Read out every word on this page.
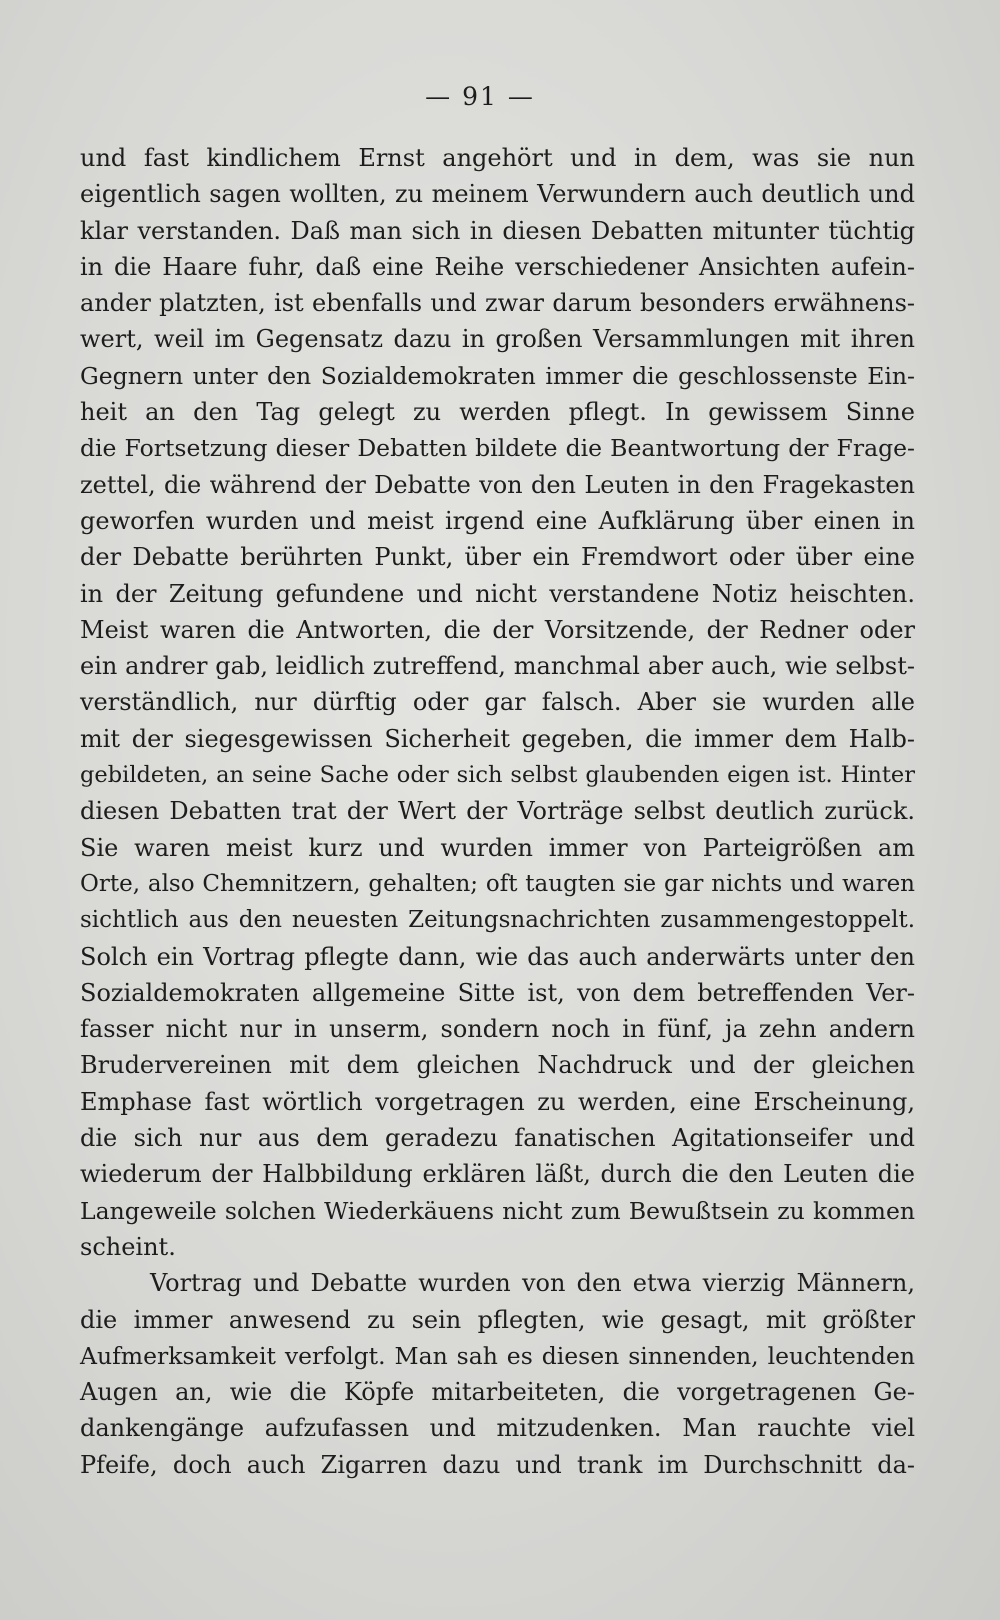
— 91 —
und fast kindlichem Ernst angehört und in dem, was sie nun
eigentlich sagen wollten, zu meinem Verwundern auch deutlich und
klar verstanden. Daß man sich in diesen Debatten mitunter tüchtig
in die Haare fuhr, daß eine Reihe verschiedener Ansichten aufein-
ander platzten, ist ebenfalls und zwar darum besonders erwähnens-
wert, weil im Gegensatz dazu in großen Versammlungen mit ihren
Gegnern unter den Sozialdemokraten immer die geschlossenste Ein-
heit an den Tag gelegt zu werden pflegt. In gewissem Sinne
die Fortsetzung dieser Debatten bildete die Beantwortung der Frage-
zettel, die während der Debatte von den Leuten in den Fragekasten
geworfen wurden und meist irgend eine Aufklärung über einen in
der Debatte berührten Punkt, über ein Fremdwort oder über eine
in der Zeitung gefundene und nicht verstandene Notiz heischten.
Meist waren die Antworten, die der Vorsitzende, der Redner oder
ein andrer gab, leidlich zutreffend, manchmal aber auch, wie selbst-
verständlich, nur dürftig oder gar falsch. Aber sie wurden alle
mit der siegesgewissen Sicherheit gegeben, die immer dem Halb-
gebildeten, an seine Sache oder sich selbst glaubenden eigen ist. Hinter
diesen Debatten trat der Wert der Vorträge selbst deutlich zurück.
Sie waren meist kurz und wurden immer von Parteigrößen am
Orte, also Chemnitzern, gehalten; oft taugten sie gar nichts und waren
sichtlich aus den neuesten Zeitungsnachrichten zusammengestoppelt.
Solch ein Vortrag pflegte dann, wie das auch anderwärts unter den
Sozialdemokraten allgemeine Sitte ist, von dem betreffenden Ver-
fasser nicht nur in unserm, sondern noch in fünf, ja zehn andern
Brudervereinen mit dem gleichen Nachdruck und der gleichen
Emphase fast wörtlich vorgetragen zu werden, eine Erscheinung,
die sich nur aus dem geradezu fanatischen Agitationseifer und
wiederum der Halbbildung erklären läßt, durch die den Leuten die
Langeweile solchen Wiederkäuens nicht zum Bewußtsein zu kommen
scheint.
Vortrag und Debatte wurden von den etwa vierzig Männern,
die immer anwesend zu sein pflegten, wie gesagt, mit größter
Aufmerksamkeit verfolgt. Man sah es diesen sinnenden, leuchtenden
Augen an, wie die Köpfe mitarbeiteten, die vorgetragenen Ge-
dankengänge aufzufassen und mitzudenken. Man rauchte viel
Pfeife, doch auch Zigarren dazu und trank im Durchschnitt da-
